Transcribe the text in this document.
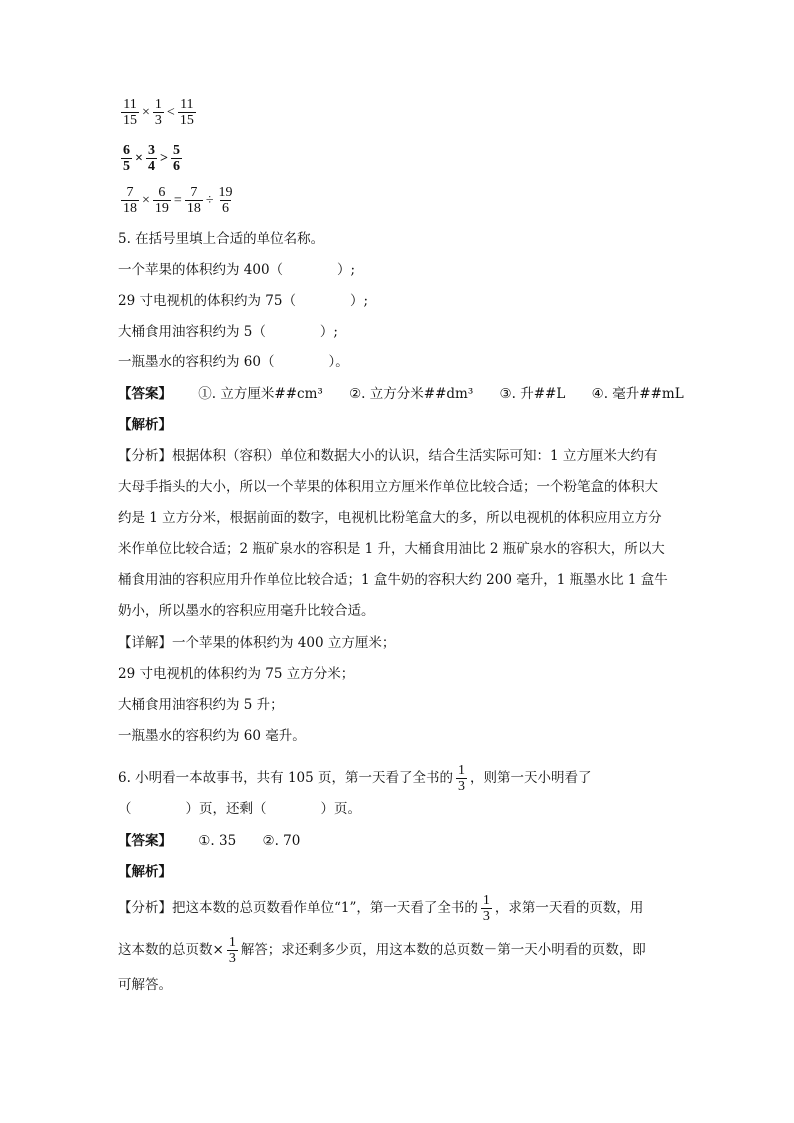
$\frac{11}{15} \times \frac{1}{3} < \frac{11}{15}$
$\frac{6}{5} \times \frac{3}{4} > \frac{5}{6}$
$\frac{7}{18} \times \frac{6}{19} = \frac{7}{18} \div \frac{19}{6}$
5. 在括号里填上合适的单位名称。
一个苹果的体积约为 400（　　　　）;
29 寸电视机的体积约为 75（　　　　）;
大桶食用油容积约为 5（　　　　）;
一瓶墨水的容积约为 60（　　　　）。
【答案】 ①. 立方厘米##cm³ ②. 立方分米##dm³ ③. 升##L ④. 毫升##mL
【解析】
【分析】根据体积（容积）单位和数据大小的认识，结合生活实际可知：1 立方厘米大约有
大母手指头的大小，所以一个苹果的体积用立方厘米作单位比较合适；一个粉笔盒的体积大
约是 1 立方分米，根据前面的数字，电视机比粉笔盒大的多，所以电视机的体积应用立方分
米作单位比较合适；2 瓶矿泉水的容积是 1 升，大桶食用油比 2 瓶矿泉水的容积大，所以大
桶食用油的容积应用升作单位比较合适；1 盒牛奶的容积大约 200 毫升，1 瓶墨水比 1 盒牛
奶小，所以墨水的容积应用毫升比较合适。
【详解】一个苹果的体积约为 400 立方厘米；
29 寸电视机的体积约为 75 立方分米；
大桶食用油容积约为 5 升；
一瓶墨水的容积约为 60 毫升。
6. 小明看一本故事书，共有 105 页，第一天看了全书的 $\frac{1}{3}$ ，则第一天小明看了
（　　　　）页，还剩（　　　　）页。
【答案】 ①. 35 ②. 70
【解析】
【分析】把这本数的总页数看作单位“1”，第一天看了全书的 $\frac{1}{3}$ ，求第一天看的页数，用
这本数的总页数× $\frac{1}{3}$ 解答；求还剩多少页，用这本数的总页数－第一天小明看的页数，即
可解答。
